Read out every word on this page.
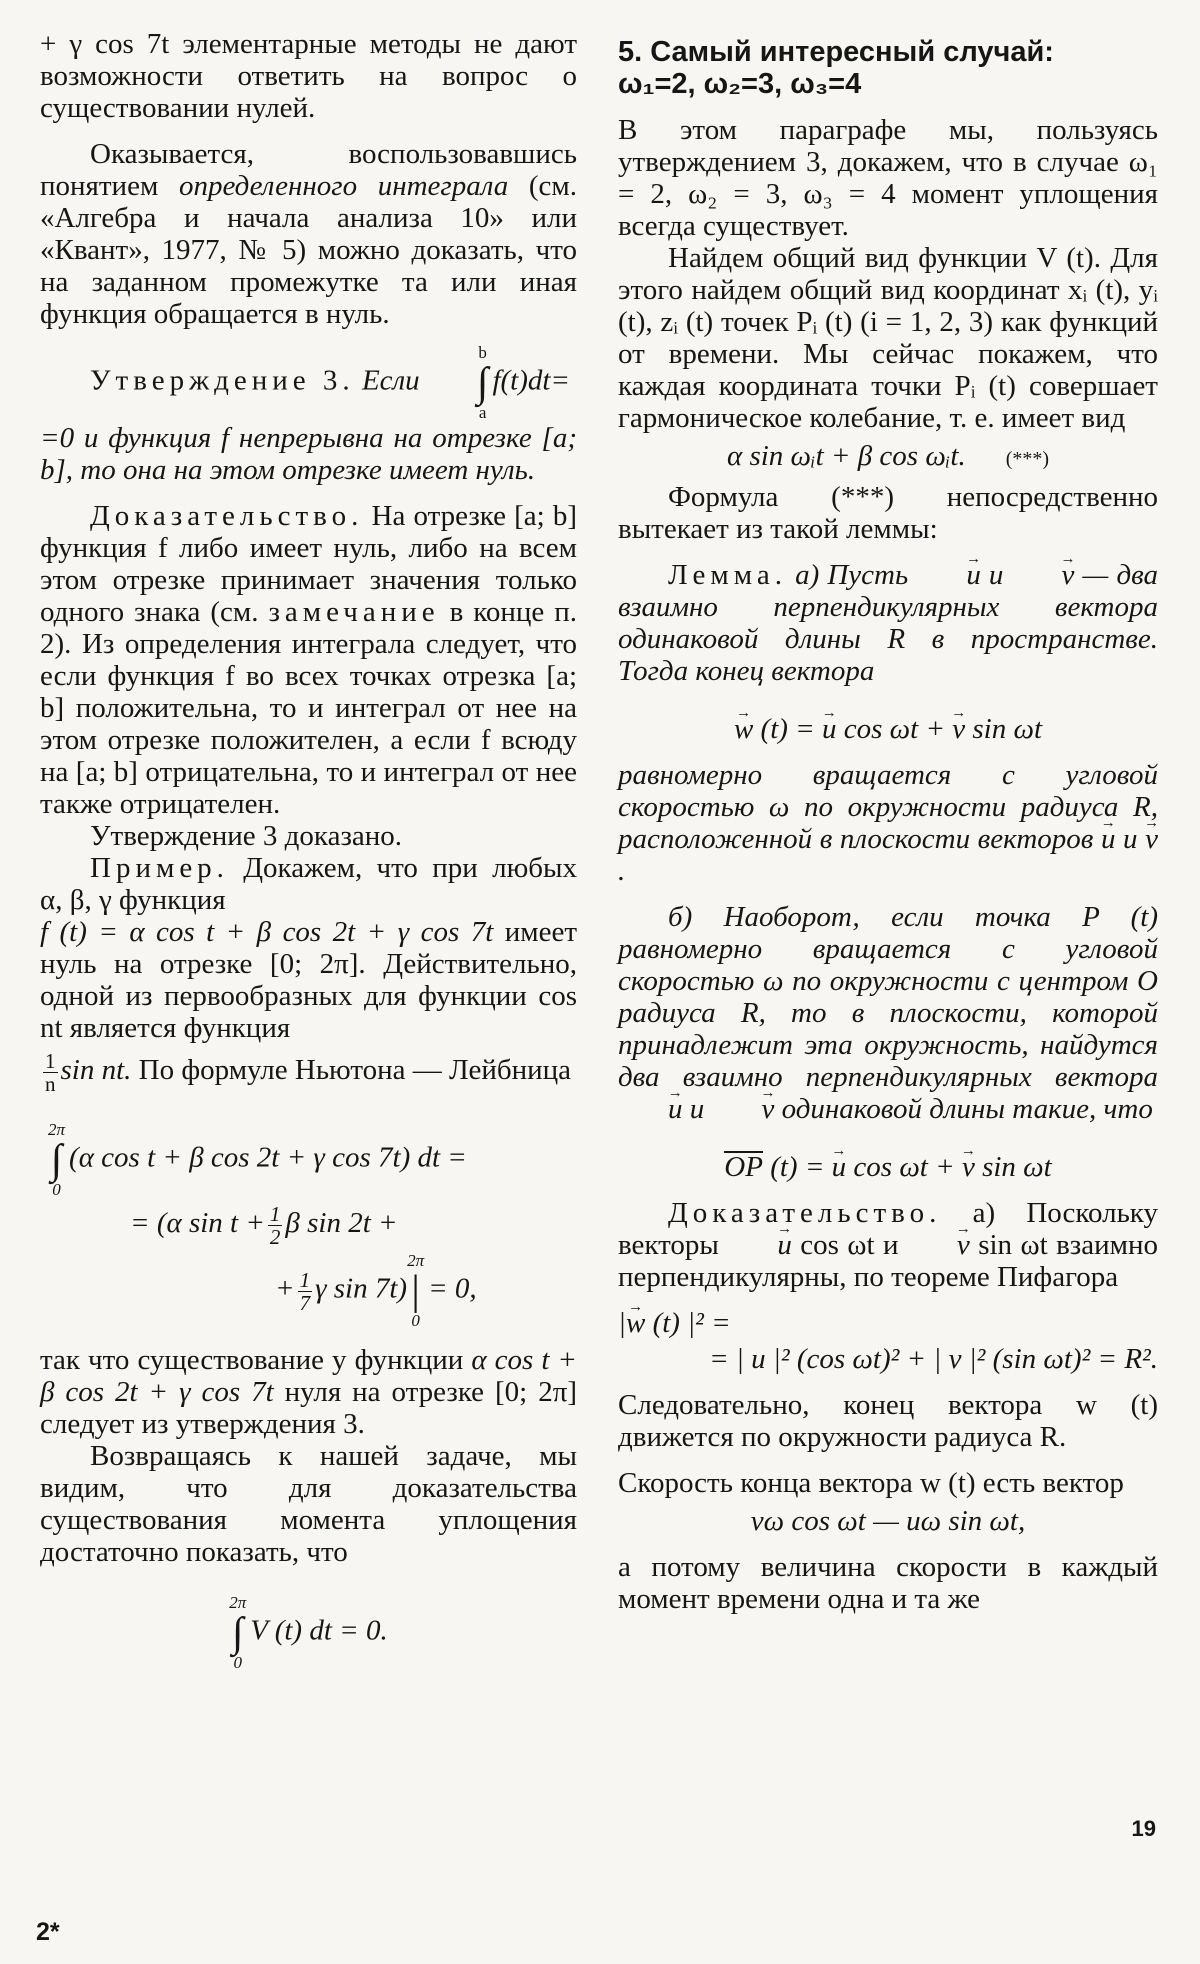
+ γ cos 7t элементарные методы не дают возможности ответить на вопрос о существовании нулей.

Оказывается, воспользовавшись понятием определенного интеграла (см. «Алгебра и начала анализа 10» или «Квант», 1977, № 5) можно доказать, что на заданном промежутке та или иная функция обращается в нуль.

Утверждение 3. Если
b
∫
a
f(t)dt=

=0 и функция f непрерывна на отрезке [a; b], то она на этом отрезке имеет нуль.

Доказательство. На отрезке [a; b] функция f либо имеет нуль, либо на всем этом отрезке принимает значения только одного знака (см. замечание в конце п. 2). Из определения интеграла следует, что если функция f во всех точках отрезка [a; b] положительна, то и интеграл от нее на этом отрезке положителен, а если f всюду на [a; b] отрицательна, то и интеграл от нее также отрицателен.

Утверждение 3 доказано.

Пример. Докажем, что при любых α, β, γ функция

f (t) = α cos t + β cos 2t + γ cos 7t имеет нуль на отрезке [0; 2π]. Действительно, одной из первообразных для функции cos nt является функция

$\frac{1}{n}$ sin nt. По формуле Ньютона — Лейбница

2π
∫
0
(α cos t + β cos 2t + γ cos 7t) dt =
= (α $\sin t + \frac{1}{2}$ β sin 2t +
+ $\frac{1}{7}$ γ sin 7t)
2π
|
0
= 0,

так что существование у функции α cos t + β cos 2t + γ cos 7t нуля на отрезке [0; 2π] следует из утверждения 3.

Возвращаясь к нашей задаче, мы видим, что для доказательства существования момента уплощения достаточно показать, что

2π
∫
0
V (t) dt = 0.
5. Самый интересный случай:
ω₁=2, ω₂=3, ω₃=4

В этом параграфе мы, пользуясь утверждением 3, докажем, что в случае ω₁ = 2, ω₂ = 3, ω₃ = 4 момент уплощения всегда существует.

Найдем общий вид функции V (t). Для этого найдем общий вид координат xᵢ (t), yᵢ (t), zᵢ (t) точек Pᵢ (t) (i = 1, 2, 3) как функций от времени. Мы сейчас покажем, что каждая координата точки Pᵢ (t) совершает гармоническое колебание, т. е. имеет вид

α sin ωᵢt + β cos ωᵢt. (***)

Формула (***) непосредственно вытекает из такой леммы:

Лемма. а) Пусть → u и → v — два взаимно перпендикулярных вектора одинаковой длины R в пространстве. Тогда конец вектора

→ w (t) = → u cos ωt + → v sin ωt

равномерно вращается с угловой скоростью ω по окружности радиуса R, расположенной в плоскости векторов → u и → v.

б) Наоборот, если точка P (t) равномерно вращается с угловой скоростью ω по окружности с центром O радиуса R, то в плоскости, которой принадлежит эта окружность, найдутся два взаимно перпендикулярных вектора → u и → v одинаковой длины такие, что

OP (t) = → u cos ωt + → v sin ωt

Доказательство. а) Поскольку векторы → u cos ωt и → v sin ωt взаимно перпендикулярны, по теореме Пифагора

|→ w (t) |² =

= | u |² (cos ωt)² + | v |² (sin ωt)² = R².

Следовательно, конец вектора w (t) движется по окружности радиуса R.

Скорость конца вектора w (t) есть вектор

vω cos ωt — uω sin ωt,

а потому величина скорости в каждый момент времени одна и та же

19
2*
